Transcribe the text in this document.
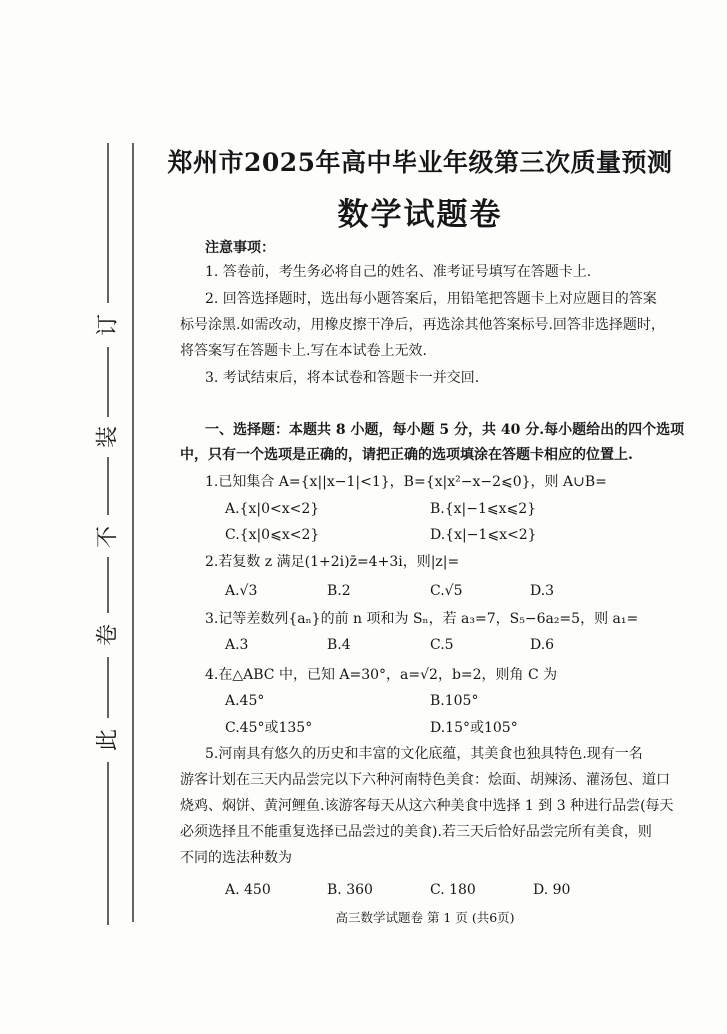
此
卷
不
装
订
郑州市2025年高中毕业年级第三次质量预测
数学试题卷
注意事项：
1. 答卷前，考生务必将自己的姓名、准考证号填写在答题卡上.
2. 回答选择题时，选出每小题答案后，用铅笔把答题卡上对应题目的答案
标号涂黑.如需改动，用橡皮擦干净后，再选涂其他答案标号.回答非选择题时，
将答案写在答题卡上.写在本试卷上无效.
3. 考试结束后，将本试卷和答题卡一并交回.
一、选择题：本题共 8 小题，每小题 5 分，共 40 分.每小题给出的四个选项
中，只有一个选项是正确的，请把正确的选项填涂在答题卡相应的位置上.
1.已知集合 A={x||x−1|<1}，B={x|x²−x−2⩽0}，则 A∪B=
A.{x|0<x<2}	B.{x|−1⩽x⩽2}
C.{x|0⩽x<2}	D.{x|−1⩽x<2}
2.若复数 z 满足(1+2i)z̄=4+3i，则|z|=
A.√3	B.2	C.√5	D.3
3.记等差数列{aₙ}的前 n 项和为 Sₙ，若 a₃=7，S₅−6a₂=5，则 a₁=
A.3	B.4	C.5	D.6
4.在△ABC 中，已知 A=30°，a=√2，b=2，则角 C 为
A.45°	B.105°
C.45°或135°	D.15°或105°
5.河南具有悠久的历史和丰富的文化底蕴，其美食也独具特色.现有一名
游客计划在三天内品尝完以下六种河南特色美食：烩面、胡辣汤、灌汤包、道口
烧鸡、焖饼、黄河鲤鱼.该游客每天从这六种美食中选择 1 到 3 种进行品尝(每天
必须选择且不能重复选择已品尝过的美食).若三天后恰好品尝完所有美食，则
不同的选法种数为
A. 450	B. 360	C. 180	D. 90
高三数学试题卷 第 1 页 (共6页)
